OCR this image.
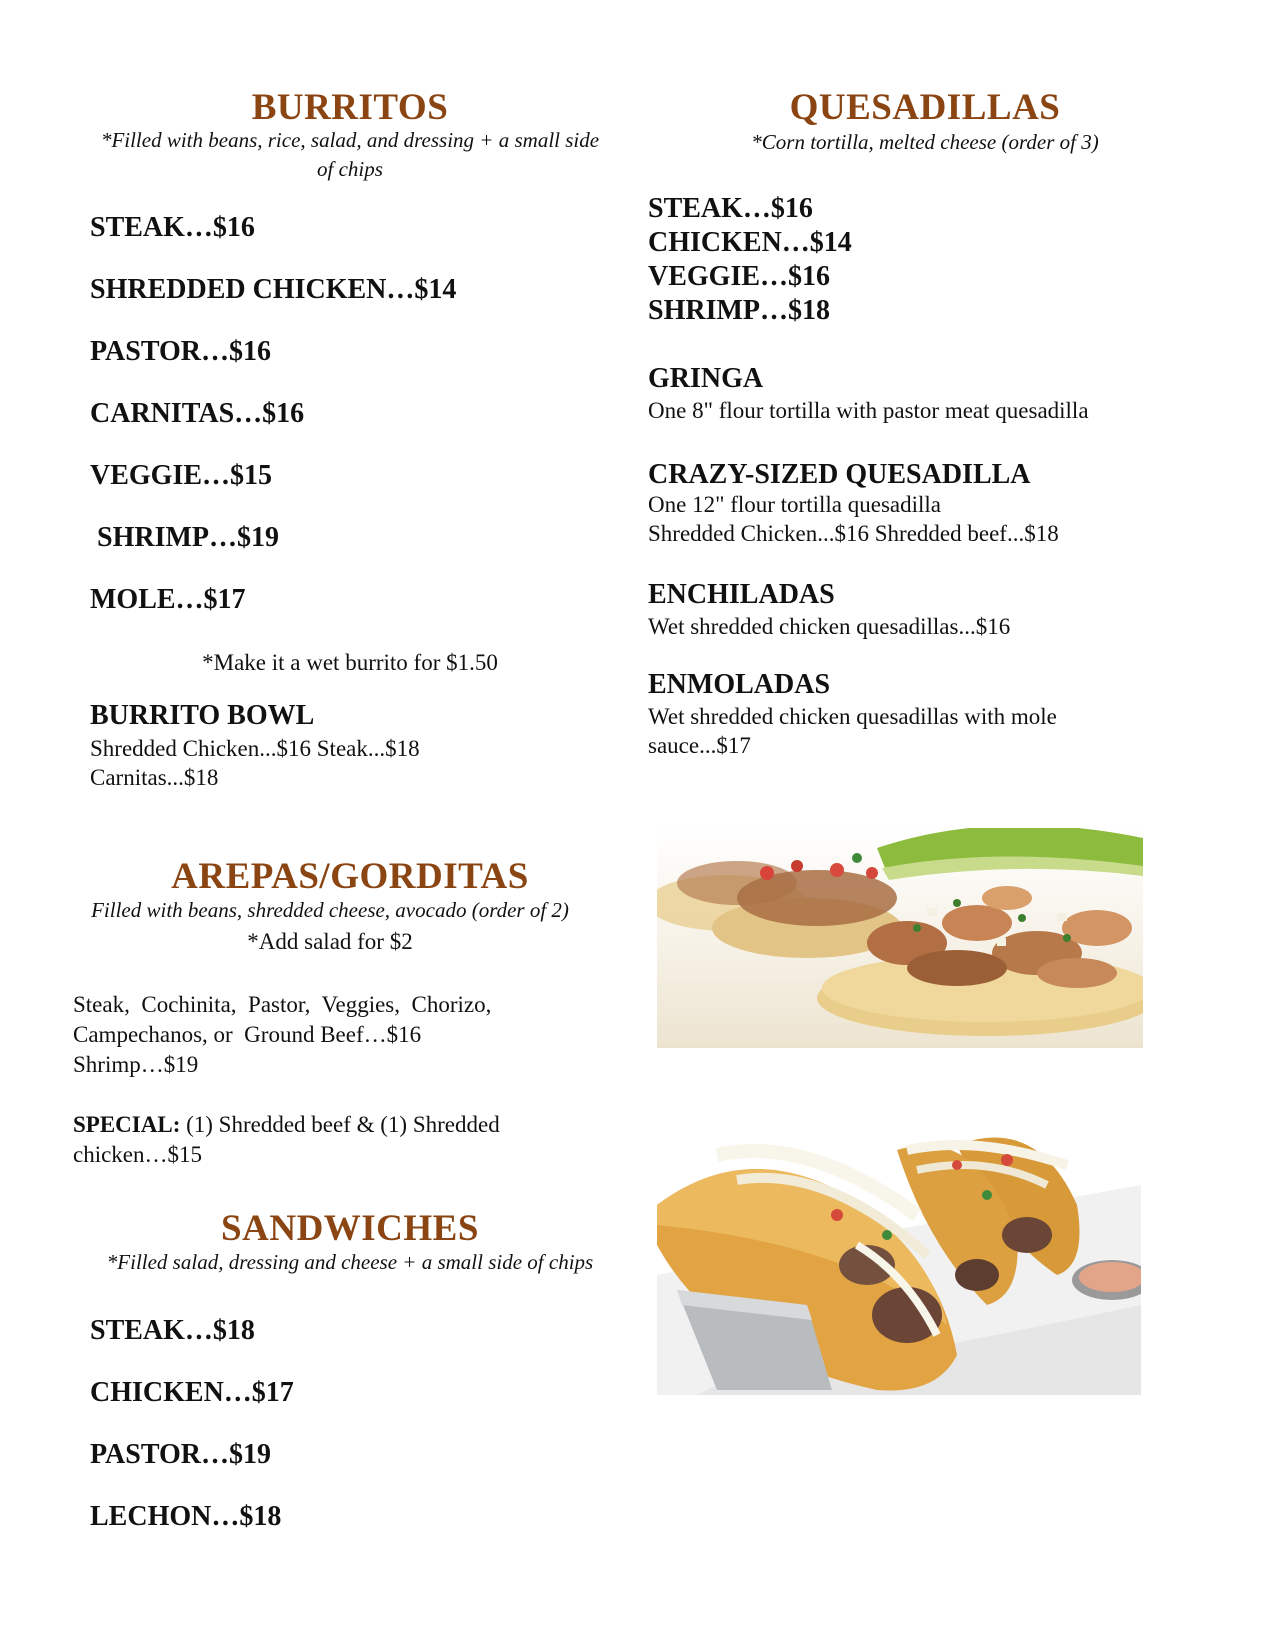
BURRITOS
*Filled with beans, rice, salad, and dressing + a small side of chips
STEAK…$16
SHREDDED CHICKEN…$14
PASTOR…$16
CARNITAS…$16
VEGGIE…$15
SHRIMP…$19
MOLE…$17
*Make it a wet burrito for $1.50
BURRITO BOWL
Shredded Chicken...$16 Steak...$18
Carnitas...$18
AREPAS/GORDITAS
Filled with beans, shredded cheese, avocado (order of 2)
*Add salad for $2
Steak,  Cochinita,  Pastor,  Veggies,  Chorizo,
Campechanos, or  Ground Beef…$16
Shrimp…$19
SPECIAL: (1) Shredded beef & (1) Shredded
chicken…$15
SANDWICHES
*Filled salad, dressing and cheese + a small side of chips
STEAK…$18
CHICKEN…$17
PASTOR…$19
LECHON…$18
QUESADILLAS
*Corn tortilla, melted cheese (order of 3)
STEAK…$16
CHICKEN…$14
VEGGIE…$16
SHRIMP…$18
GRINGA
One 8" flour tortilla with pastor meat quesadilla
CRAZY-SIZED QUESADILLA
One 12" flour tortilla quesadilla
Shredded Chicken...$16 Shredded beef...$18
ENCHILADAS
Wet shredded chicken quesadillas...$16
ENMOLADAS
Wet shredded chicken quesadillas with mole
sauce...$17
